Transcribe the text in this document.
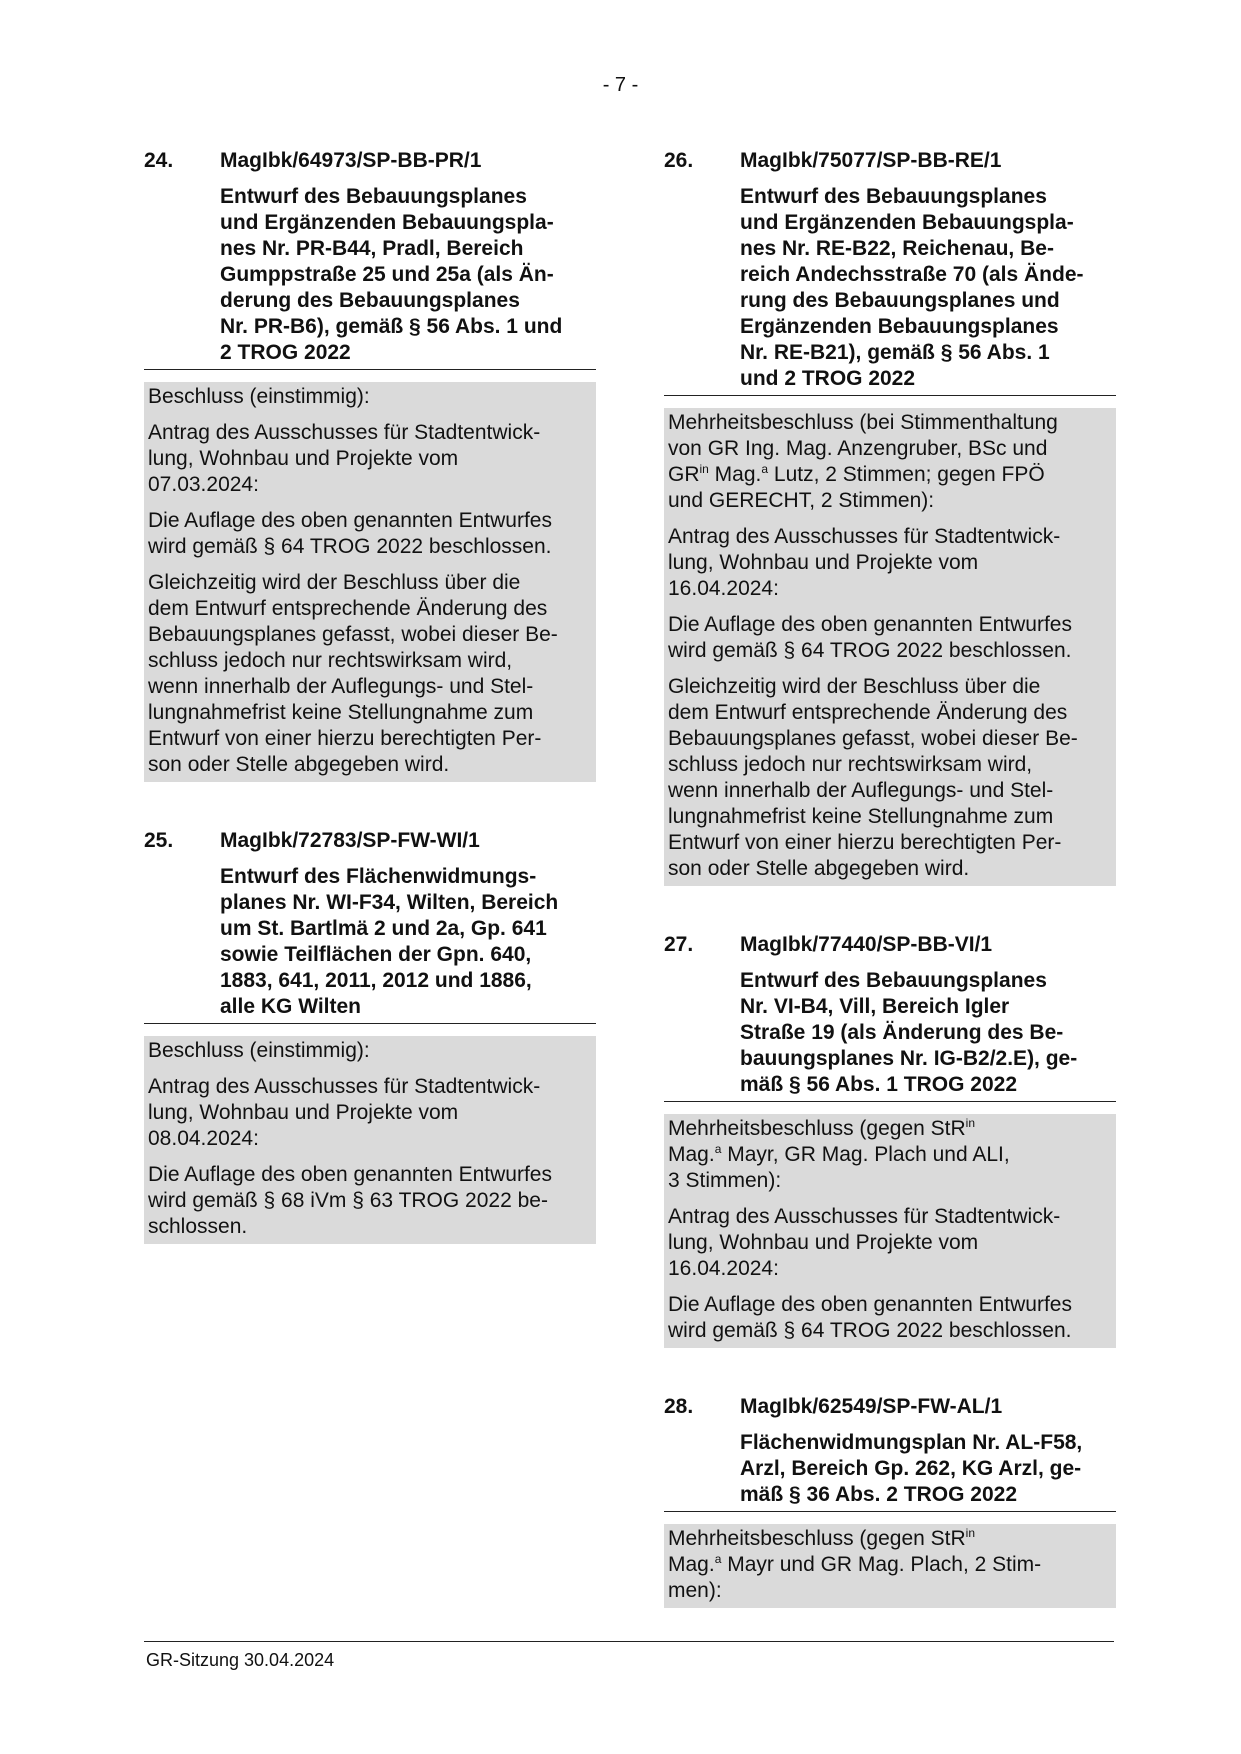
- 7 -
24.	MagIbk/64973/SP-BB-PR/1
Entwurf des Bebauungsplanes
und Ergänzenden Bebauungspla-
nes Nr. PR-B44, Pradl, Bereich
Gumppstraße 25 und 25a (als Än-
derung des Bebauungsplanes
Nr. PR-B6), gemäß § 56 Abs. 1 und
2 TROG 2022

Beschluss (einstimmig):

Antrag des Ausschusses für Stadtentwick-
lung, Wohnbau und Projekte vom
07.03.2024:

Die Auflage des oben genannten Entwurfes
wird gemäß § 64 TROG 2022 beschlossen.

Gleichzeitig wird der Beschluss über die
dem Entwurf entsprechende Änderung des
Bebauungsplanes gefasst, wobei dieser Be-
schluss jedoch nur rechtswirksam wird,
wenn innerhalb der Auflegungs- und Stel-
lungnahmefrist keine Stellungnahme zum
Entwurf von einer hierzu berechtigten Per-
son oder Stelle abgegeben wird.

25.	MagIbk/72783/SP-FW-WI/1
Entwurf des Flächenwidmungs-
planes Nr. WI-F34, Wilten, Bereich
um St. Bartlmä 2 und 2a, Gp. 641
sowie Teilflächen der Gpn. 640,
1883, 641, 2011, 2012 und 1886,
alle KG Wilten

Beschluss (einstimmig):

Antrag des Ausschusses für Stadtentwick-
lung, Wohnbau und Projekte vom
08.04.2024:

Die Auflage des oben genannten Entwurfes
wird gemäß § 68 iVm § 63 TROG 2022 be-
schlossen.

26.	MagIbk/75077/SP-BB-RE/1
Entwurf des Bebauungsplanes
und Ergänzenden Bebauungspla-
nes Nr. RE-B22, Reichenau, Be-
reich Andechsstraße 70 (als Ände-
rung des Bebauungsplanes und
Ergänzenden Bebauungsplanes
Nr. RE-B21), gemäß § 56 Abs. 1
und 2 TROG 2022

Mehrheitsbeschluss (bei Stimmenthaltung
von GR Ing. Mag. Anzengruber, BSc und
$GR^{in}$ Mag.$^a$ Lutz, 2 Stimmen; gegen FPÖ
und GERECHT, 2 Stimmen):

Antrag des Ausschusses für Stadtentwick-
lung, Wohnbau und Projekte vom
16.04.2024:

Die Auflage des oben genannten Entwurfes
wird gemäß § 64 TROG 2022 beschlossen.

Gleichzeitig wird der Beschluss über die
dem Entwurf entsprechende Änderung des
Bebauungsplanes gefasst, wobei dieser Be-
schluss jedoch nur rechtswirksam wird,
wenn innerhalb der Auflegungs- und Stel-
lungnahmefrist keine Stellungnahme zum
Entwurf von einer hierzu berechtigten Per-
son oder Stelle abgegeben wird.

27.	MagIbk/77440/SP-BB-VI/1
Entwurf des Bebauungsplanes
Nr. VI-B4, Vill, Bereich Igler
Straße 19 (als Änderung des Be-
bauungsplanes Nr. IG-B2/2.E), ge-
mäß § 56 Abs. 1 TROG 2022

Mehrheitsbeschluss (gegen StR$^{in}$
Mag.$^a$ Mayr, GR Mag. Plach und ALI,
3 Stimmen):

Antrag des Ausschusses für Stadtentwick-
lung, Wohnbau und Projekte vom
16.04.2024:

Die Auflage des oben genannten Entwurfes
wird gemäß § 64 TROG 2022 beschlossen.

28.	MagIbk/62549/SP-FW-AL/1
Flächenwidmungsplan Nr. AL-F58,
Arzl, Bereich Gp. 262, KG Arzl, ge-
mäß § 36 Abs. 2 TROG 2022

Mehrheitsbeschluss (gegen StR$^{in}$
Mag.$^a$ Mayr und GR Mag. Plach, 2 Stim-
men):

GR-Sitzung 30.04.2024
